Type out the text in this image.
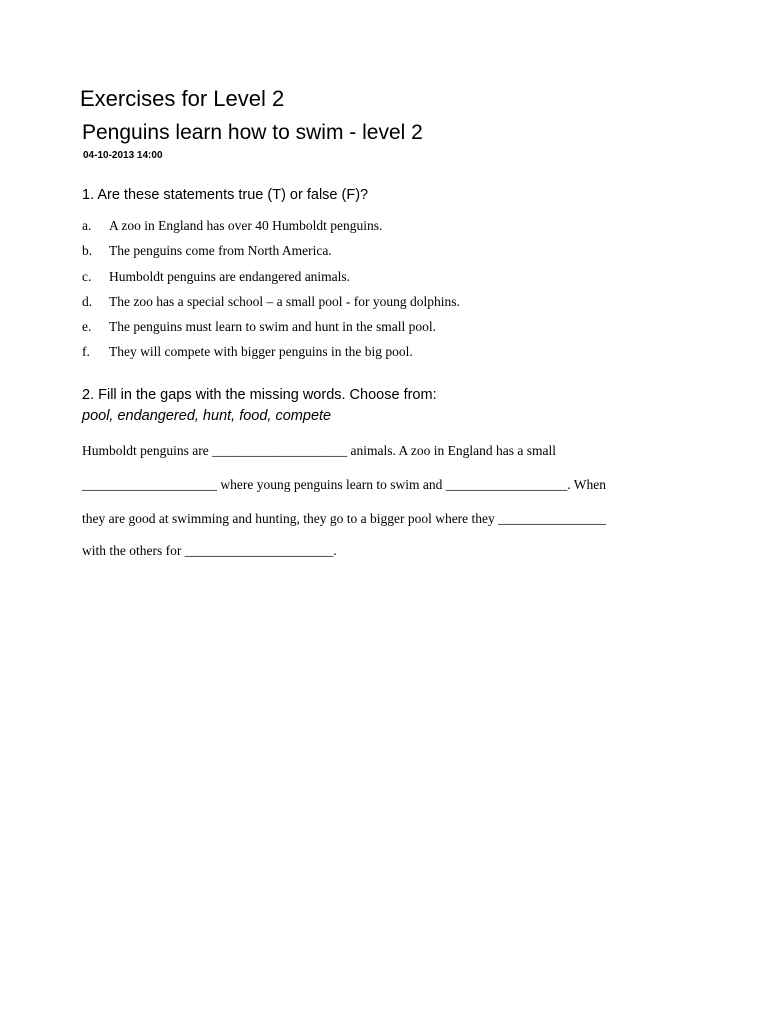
Exercises for Level 2
Penguins learn how to swim - level 2
04-10-2013 14:00
1. Are these statements true (T) or false (F)?
a. A zoo in England has over 40 Humboldt penguins.
b. The penguins come from North America.
c. Humboldt penguins are endangered animals.
d. The zoo has a special school – a small pool - for young dolphins.
e. The penguins must learn to swim and hunt in the small pool.
f. They will compete with bigger penguins in the big pool.
2. Fill in the gaps with the missing words. Choose from:
pool, endangered, hunt, food, compete
Humboldt penguins are ____________________ animals. A zoo in England has a small
____________________ where young penguins learn to swim and __________________. When
they are good at swimming and hunting, they go to a bigger pool where they ________________
with the others for ______________________.
